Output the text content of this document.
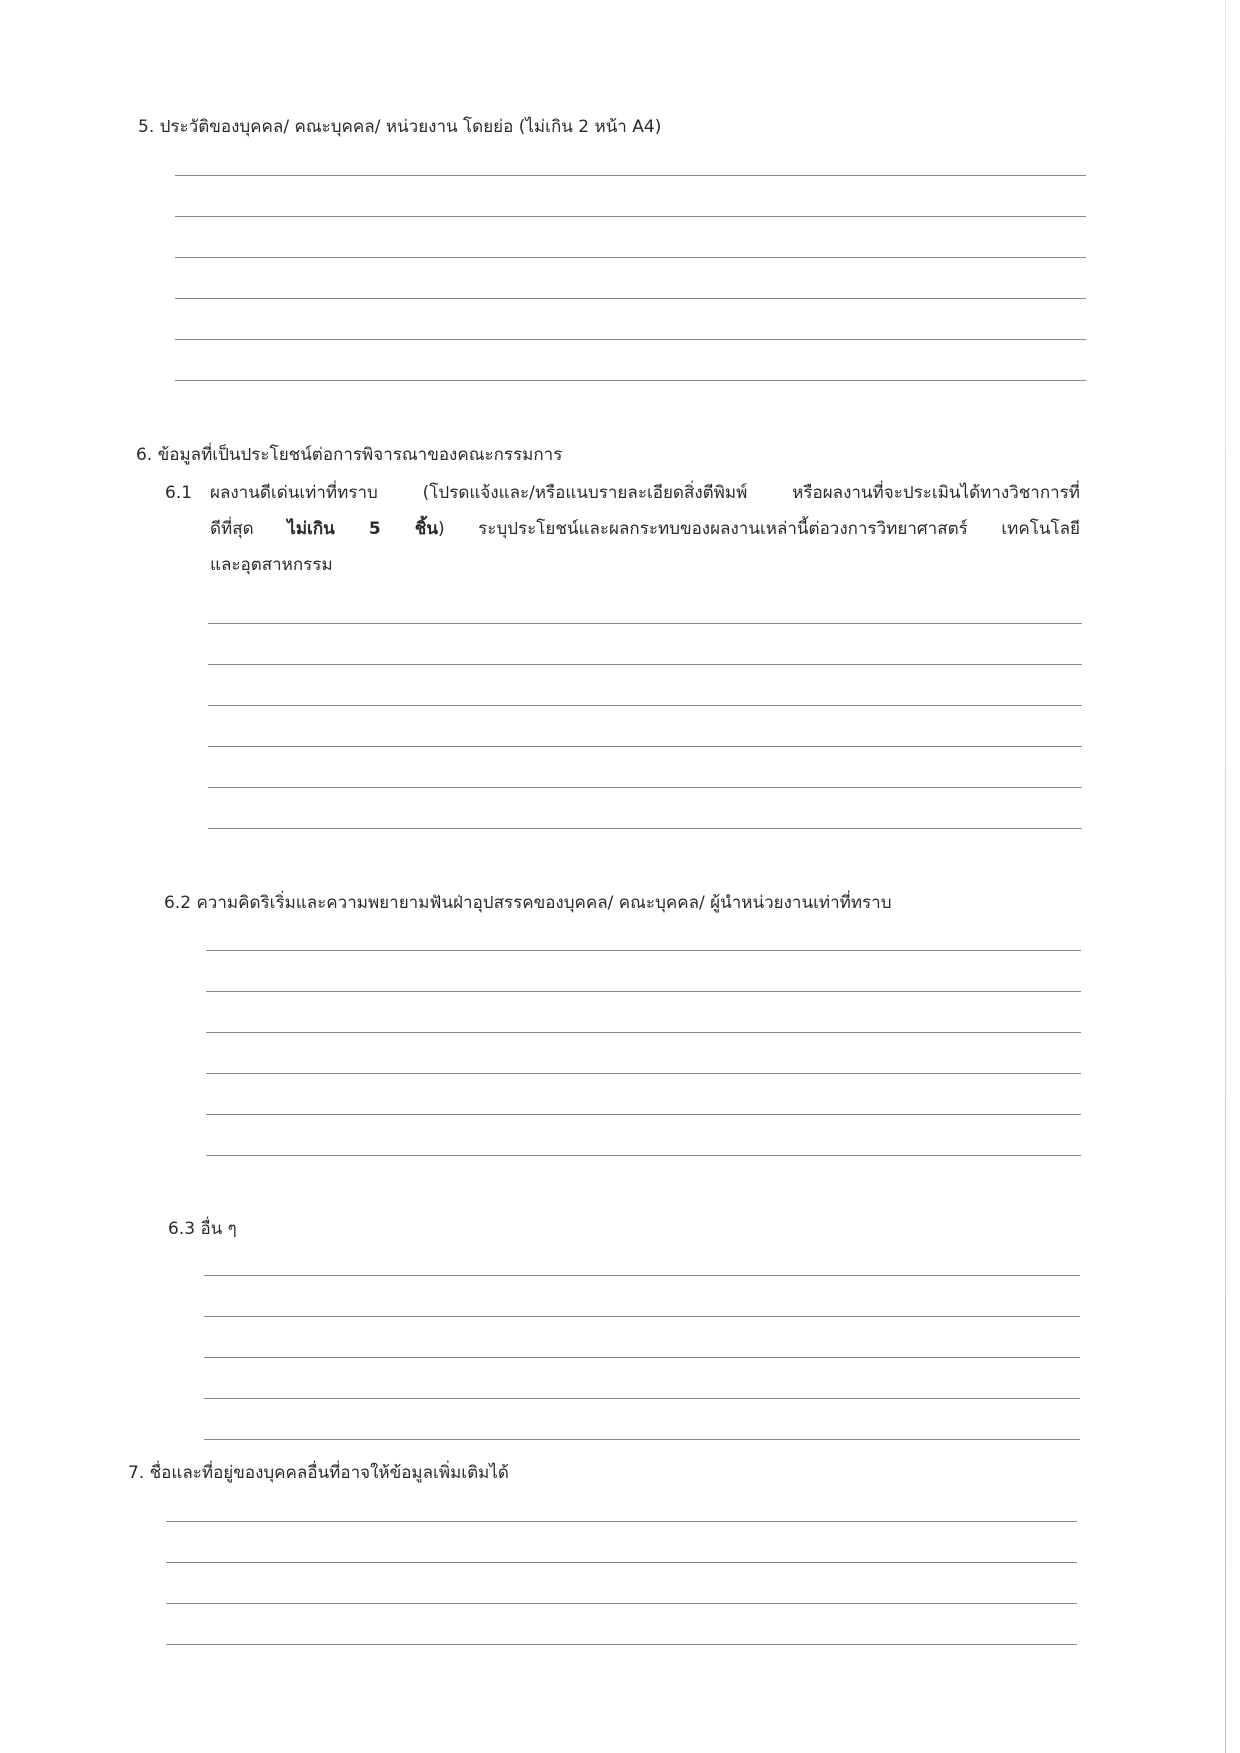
5. ประวัติของบุคคล/ คณะบุคคล/ หน่วยงาน โดยย่อ (ไม่เกิน 2 หน้า A4)
6. ข้อมูลที่เป็นประโยชน์ต่อการพิจารณาของคณะกรรมการ
6.1 ผลงานดีเด่นเท่าที่ทราบ (โปรดแจ้งและ/หรือแนบรายละเอียดสิ่งตีพิมพ์ หรือผลงานที่จะประเมินได้ทางวิชาการที่
ดีที่สุด ไม่เกิน 5 ชิ้น) ระบุประโยชน์และผลกระทบของผลงานเหล่านี้ต่อวงการวิทยาศาสตร์ เทคโนโลยี
และอุตสาหกรรม
6.2 ความคิดริเริ่มและความพยายามฟันฝ่าอุปสรรคของบุคคล/ คณะบุคคล/ ผู้นำหน่วยงานเท่าที่ทราบ
6.3 อื่น ๆ
7. ชื่อและที่อยู่ของบุคคลอื่นที่อาจให้ข้อมูลเพิ่มเติมได้
